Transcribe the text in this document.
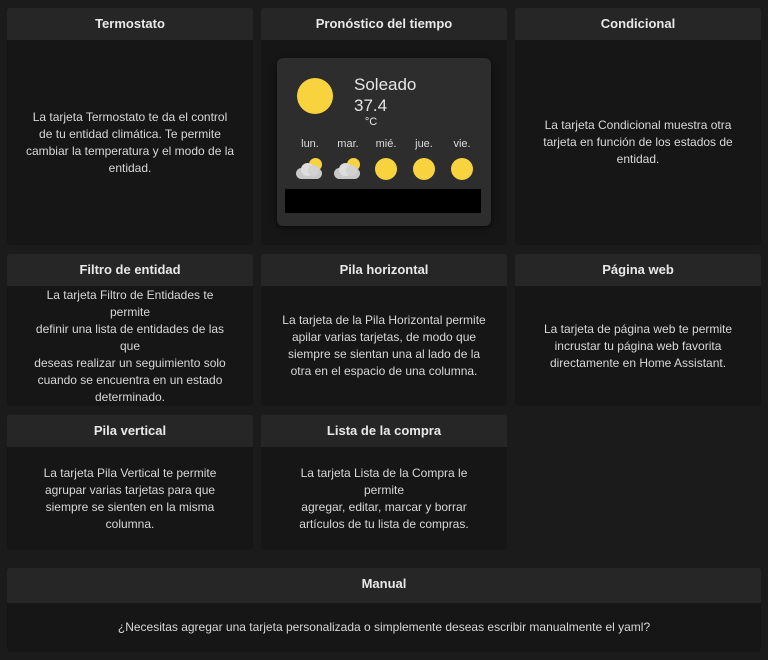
Termostato
La tarjeta Termostato te da el control
de tu entidad climática. Te permite
cambiar la temperatura y el modo de la
entidad.
Pronóstico del tiempo
Soleado
37.4
°C
lun.	mar.	mié.	jue.	vie.
Condicional
La tarjeta Condicional muestra otra
tarjeta en función de los estados de
entidad.
Filtro de entidad
La tarjeta Filtro de Entidades te permite
definir una lista de entidades de las que
deseas realizar un seguimiento solo
cuando se encuentra en un estado
determinado.
Pila horizontal
La tarjeta de la Pila Horizontal permite
apilar varias tarjetas, de modo que
siempre se sientan una al lado de la
otra en el espacio de una columna.
Página web
La tarjeta de página web te permite
incrustar tu página web favorita
directamente en Home Assistant.
Pila vertical
La tarjeta Pila Vertical te permite
agrupar varias tarjetas para que
siempre se sienten en la misma
columna.
Lista de la compra
La tarjeta Lista de la Compra le permite
agregar, editar, marcar y borrar
artículos de tu lista de compras.
Manual
¿Necesitas agregar una tarjeta personalizada o simplemente deseas escribir manualmente el yaml?
